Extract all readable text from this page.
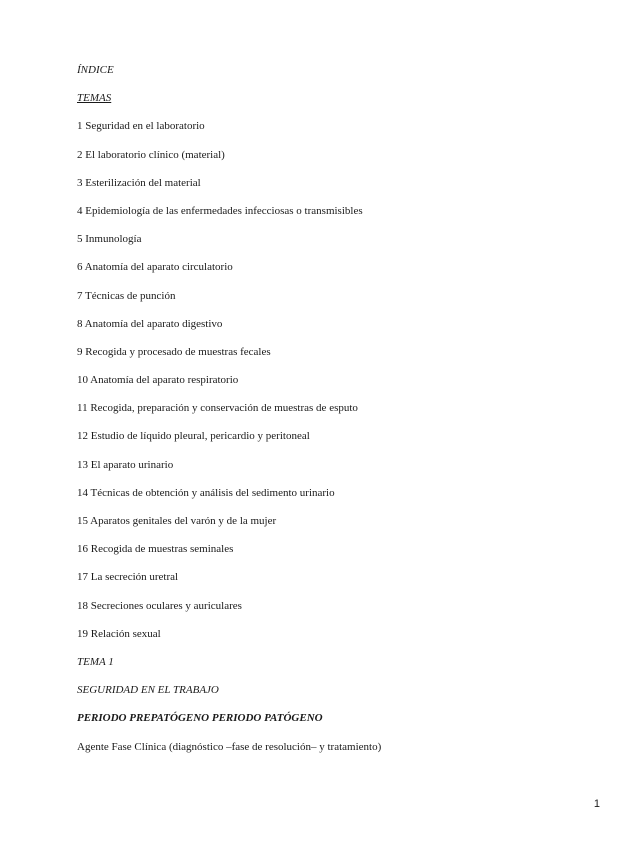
ÍNDICE
TEMAS
1 Seguridad en el laboratorio
2 El laboratorio clínico (material)
3 Esterilización del material
4 Epidemiología de las enfermedades infecciosas o transmisibles
5 Inmunología
6 Anatomía del aparato circulatorio
7 Técnicas de punción
8 Anatomía del aparato digestivo
9 Recogida y procesado de muestras fecales
10 Anatomía del aparato respiratorio
11 Recogida, preparación y conservación de muestras de esputo
12 Estudio de líquido pleural, pericardio y peritoneal
13 El aparato urinario
14 Técnicas de obtención y análisis del sedimento urinario
15 Aparatos genitales del varón y de la mujer
16 Recogida de muestras seminales
17 La secreción uretral
18 Secreciones oculares y auriculares
19 Relación sexual
TEMA 1
SEGURIDAD EN EL TRABAJO
PERIODO PREPATÓGENO PERIODO PATÓGENO
Agente Fase Clínica (diagnóstico –fase de resolución– y tratamiento)
1
